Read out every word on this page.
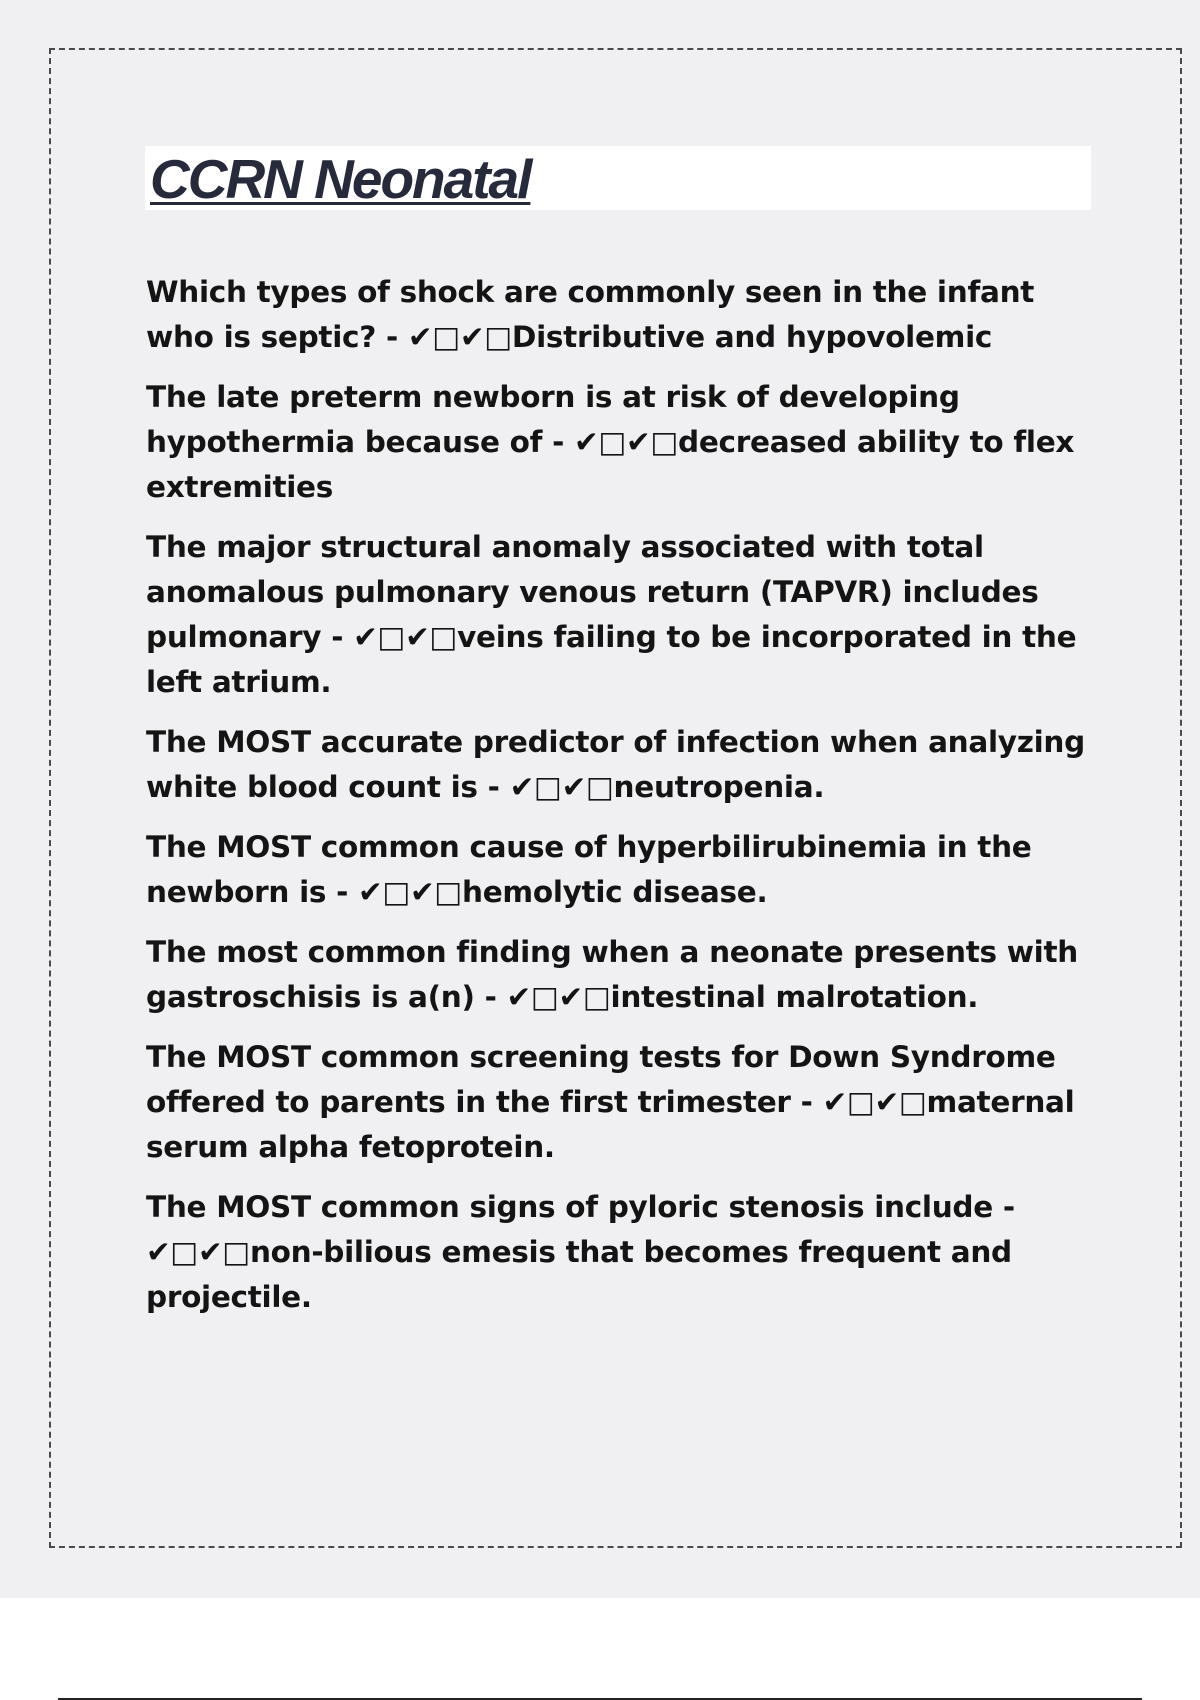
CCRN Neonatal

Which types of shock are commonly seen in the infant who is septic? - ✔□✔□Distributive and hypovolemic

The late preterm newborn is at risk of developing hypothermia because of - ✔□✔□decreased ability to flex extremities

The major structural anomaly associated with total anomalous pulmonary venous return (TAPVR) includes pulmonary - ✔□✔□veins failing to be incorporated in the left atrium.

The MOST accurate predictor of infection when analyzing white blood count is - ✔□✔□neutropenia.

The MOST common cause of hyperbilirubinemia in the newborn is - ✔□✔□hemolytic disease.

The most common finding when a neonate presents with gastroschisis is a(n) - ✔□✔□intestinal malrotation.

The MOST common screening tests for Down Syndrome offered to parents in the first trimester - ✔□✔□maternal serum alpha fetoprotein.

The MOST common signs of pyloric stenosis include - ✔□✔□non-bilious emesis that becomes frequent and projectile.
